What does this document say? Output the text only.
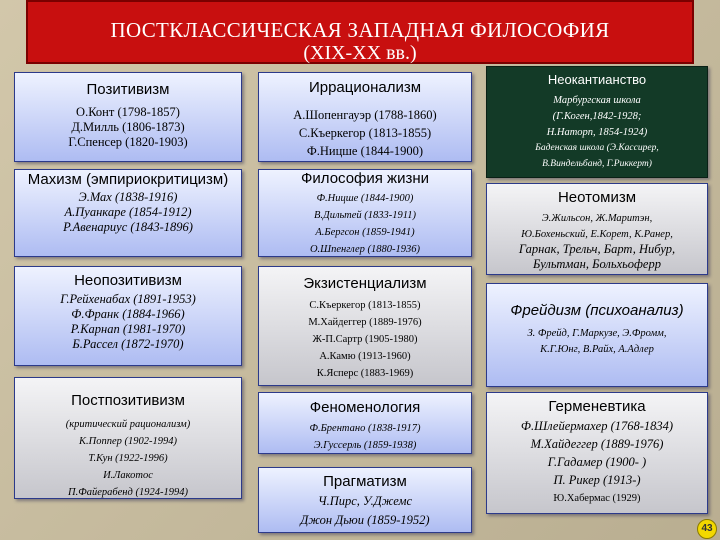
ПОСТКЛАССИЧЕСКАЯ ЗАПАДНАЯ ФИЛОСОФИЯ
(XIX-XX вв.)
Позитивизм
О.Конт (1798-1857)
Д.Милль (1806-1873)
Г.Спенсер (1820-1903)
Махизм (эмпириокритицизм)
Э.Мах (1838-1916)
А.Пуанкаре (1854-1912)
Р.Авенариус (1843-1896)
Неопозитивизм
Г.Рейхенабах (1891-1953)
Ф.Франк (1884-1966)
Р.Карнап (1981-1970)
Б.Рассел (1872-1970)
Постпозитивизм
(критический рационализм)
К.Поппер (1902-1994)
Т.Кун (1922-1996)
И.Лакотос
П.Файерабенд (1924-1994)
Иррационализм
А.Шопенгауэр (1788-1860)
С.Къеркегор (1813-1855)
Ф.Ницше (1844-1900)
Философия жизни
Ф.Ницше (1844-1900)
В.Дильтей (1833-1911)
А.Бергсон (1859-1941)
О.Шпенглер (1880-1936)
Экзистенциализм
С.Къеркегор (1813-1855)
М.Хайдеггер (1889-1976)
Ж-П.Сартр (1905-1980)
А.Камю (1913-1960)
К.Ясперс (1883-1969)
Феноменология
Ф.Брентано (1838-1917)
Э.Гуссерль (1859-1938)
Прагматизм
Ч.Пирс, У.Джемс
Джон Дьюи (1859-1952)
Неокантианство
Марбургская школа
(Г.Коген,1842-1928;
Н.Наторп, 1854-1924)
Баденская школа (Э.Кассирер,
В.Виндельбанд, Г.Риккерт)
Неотомизм
Э.Жильсон, Ж.Маритэн,
Ю.Бохеньский, Е.Корет, К.Ранер,
Гарнак, Трельч, Барт, Нибур,
Бультман, Больхьоферр
Фрейдизм (психоанализ)
З. Фрейд, Г.Маркузе, Э.Фромм,
К.Г.Юнг, В.Райх, А.Адлер
Герменевтика
Ф.Шлейермахер (1768-1834)
М.Хайдеггер (1889-1976)
Г.Гадамер (1900- )
П. Рикер (1913-)
Ю.Хабермас (1929)
43
